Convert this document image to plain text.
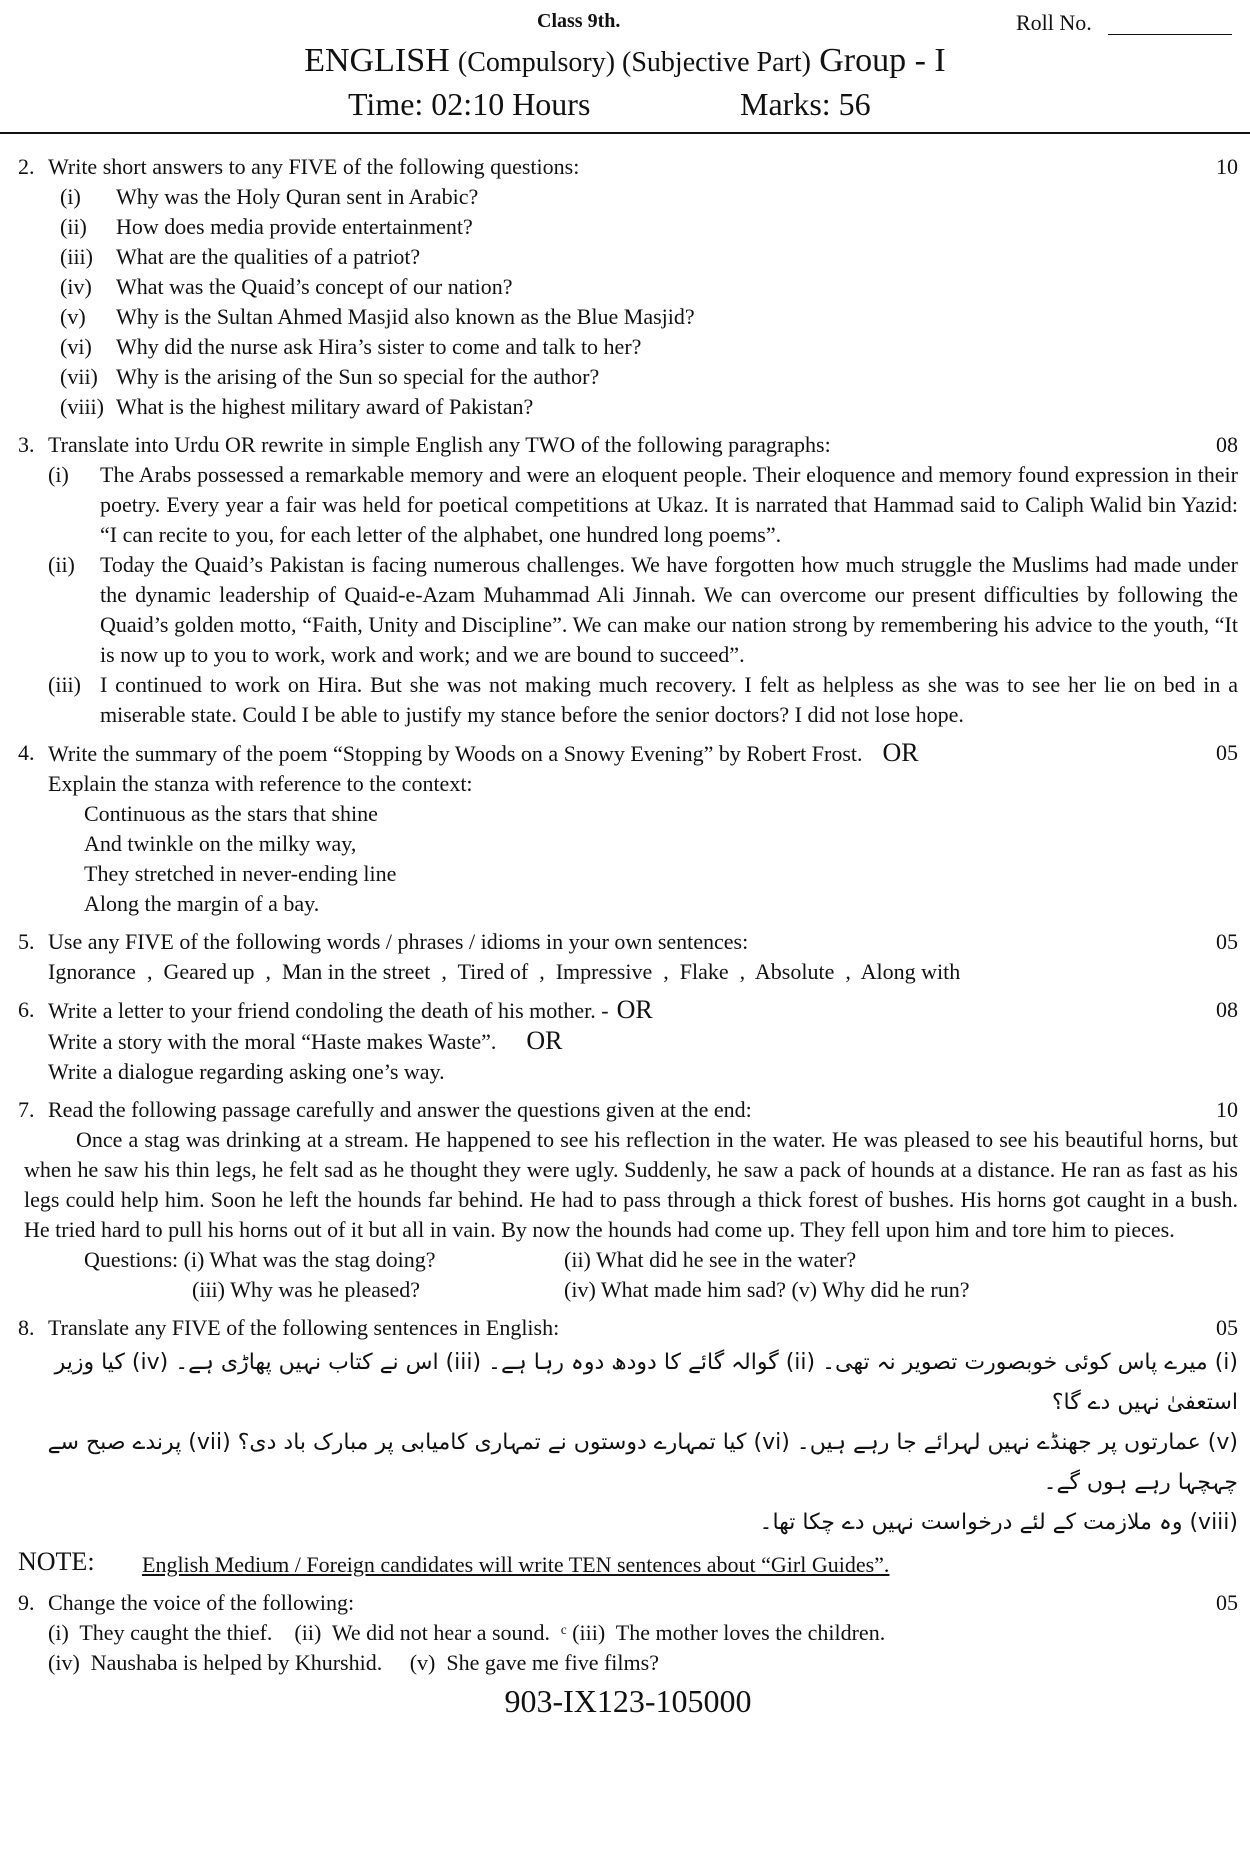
Class 9th.	Roll No.
ENGLISH (Compulsory) (Subjective Part) Group - I
Time: 02:10 Hours	Marks: 56
2. Write short answers to any FIVE of the following questions:	10
(i)	Why was the Holy Quran sent in Arabic?
(ii)	How does media provide entertainment?
(iii)	What are the qualities of a patriot?
(iv)	What was the Quaid’s concept of our nation?
(v)	Why is the Sultan Ahmed Masjid also known as the Blue Masjid?
(vi)	Why did the nurse ask Hira’s sister to come and talk to her?
(vii) Why is the arising of the Sun so special for the author?
(viii) What is the highest military award of Pakistan?
3. Translate into Urdu OR rewrite in simple English any TWO of the following paragraphs:	08
(i)	The Arabs possessed a remarkable memory and were an eloquent people. Their eloquence and memory found expression in their poetry. Every year a fair was held for poetical competitions at Ukaz. It is narrated that Hammad said to Caliph Walid bin Yazid: “I can recite to you, for each letter of the alphabet, one hundred long poems”.
(ii)	Today the Quaid’s Pakistan is facing numerous challenges. We have forgotten how much struggle the Muslims had made under the dynamic leadership of Quaid-e-Azam Muhammad Ali Jinnah. We can overcome our present difficulties by following the Quaid’s golden motto, “Faith, Unity and Discipline”. We can make our nation strong by remembering his advice to the youth, “It is now up to you to work, work and work; and we are bound to succeed”.
(iii) I continued to work on Hira. But she was not making much recovery. I felt as helpless as she was to see her lie on bed in a miserable state. Could I be able to justify my stance before the senior doctors? I did not lose hope.
4. Write the summary of the poem “Stopping by Woods on a Snowy Evening” by Robert Frost. OR	05
Explain the stanza with reference to the context:
Continuous as the stars that shine
And twinkle on the milky way,
They stretched in never-ending line
Along the margin of a bay.
5. Use any FIVE of the following words / phrases / idioms in your own sentences:	05
Ignorance  ,  Geared up  ,  Man in the street  ,  Tired of  ,  Impressive  ,  Flake  ,  Absolute  ,  Along with
6. Write a letter to your friend condoling the death of his mother. - OR	08
Write a story with the moral “Haste makes Waste”. OR
Write a dialogue regarding asking one’s way.
7. Read the following passage carefully and answer the questions given at the end:	10
Once a stag was drinking at a stream. He happened to see his reflection in the water. He was pleased to see his beautiful horns, but when he saw his thin legs, he felt sad as he thought they were ugly. Suddenly, he saw a pack of hounds at a distance. He ran as fast as his legs could help him. Soon he left the hounds far behind. He had to pass through a thick forest of bushes. His horns got caught in a bush. He tried hard to pull his horns out of it but all in vain. By now the hounds had come up. They fell upon him and tore him to pieces.
Questions: (i) What was the stag doing?	(ii) What did he see in the water?
(iii) Why was he pleased?	(iv) What made him sad? (v) Why did he run?
8. Translate any FIVE of the following sentences in English:	05
(i) میرے پاس کوئی خوبصورت تصویر نہ تھی۔ (ii) گوالہ گائے کا دودھ دوہ رہا ہے۔ (iii) اس نے کتاب نہیں پھاڑی ہے۔ (iv) کیا وزیر استعفیٰ نہیں دے گا؟
(v) عمارتوں پر جھنڈے نہیں لہرائے جا رہے ہیں۔ (vi) کیا تمہارے دوستوں نے تمہاری کامیابی پر مبارک باد دی؟ (vii) پرندے صبح سے چہچہا رہے ہوں گے۔
(viii) وہ ملازمت کے لئے درخواست نہیں دے چکا تھا۔
NOTE:	English Medium / Foreign candidates will write TEN sentences about “Girl Guides”.
9. Change the voice of the following:	05
(i)  They caught the thief.    (ii)  We did not hear a sound.  ᶜ (iii)  The mother loves the children.
(iv)  Naushaba is helped by Khurshid.     (v)  She gave me five films?
903-IX123-105000
